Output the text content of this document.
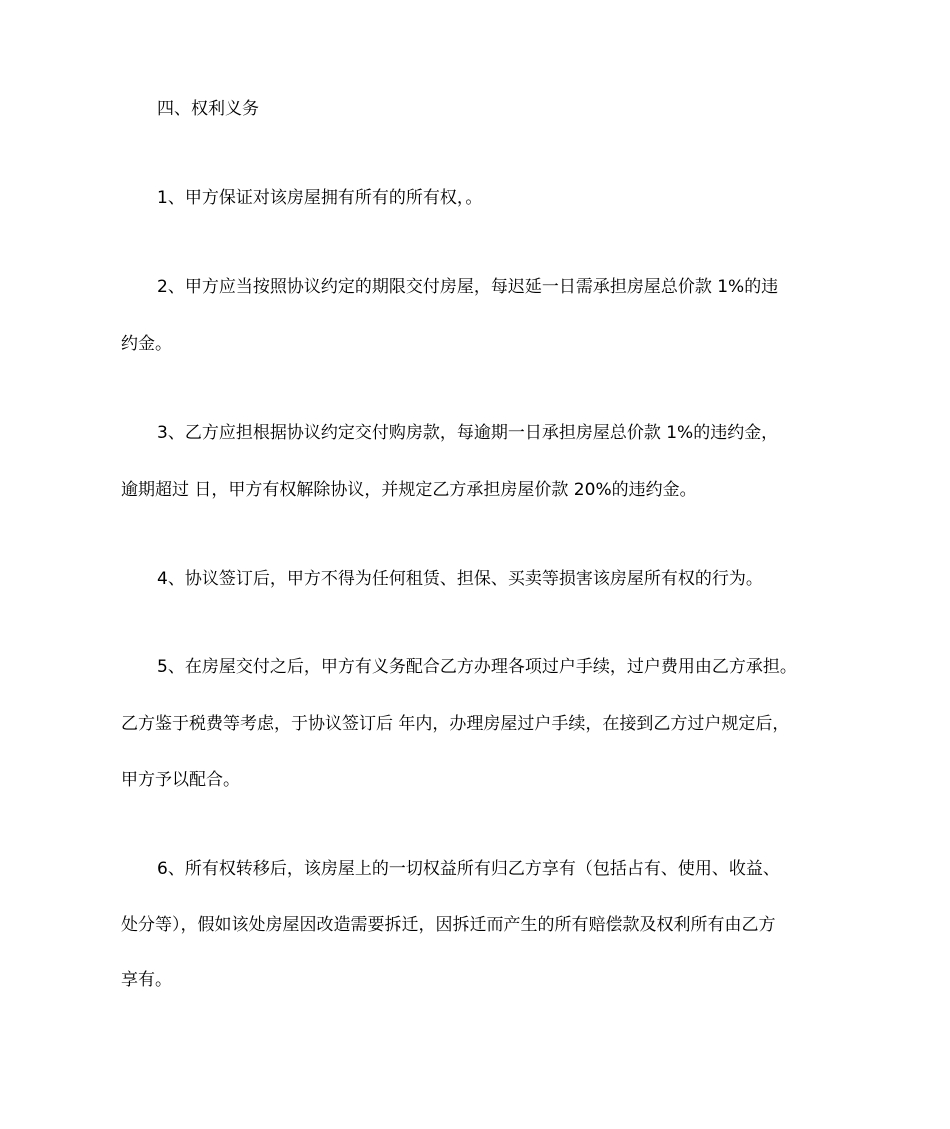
四、权利义务
1、甲方保证对该房屋拥有所有的所有权，。
2、甲方应当按照协议约定的期限交付房屋，每迟延一日需承担房屋总价款 1%的违
约金。
3、乙方应担根据协议约定交付购房款，每逾期一日承担房屋总价款 1%的违约金，
逾期超过 日，甲方有权解除协议，并规定乙方承担房屋价款 20%的违约金。
4、协议签订后，甲方不得为任何租赁、担保、买卖等损害该房屋所有权的行为。
5、在房屋交付之后，甲方有义务配合乙方办理各项过户手续，过户费用由乙方承担。
乙方鉴于税费等考虑，于协议签订后 年内，办理房屋过户手续，在接到乙方过户规定后，
甲方予以配合。
6、所有权转移后，该房屋上的一切权益所有归乙方享有（包括占有、使用、收益、
处分等），假如该处房屋因改造需要拆迁，因拆迁而产生的所有赔偿款及权利所有由乙方
享有。
